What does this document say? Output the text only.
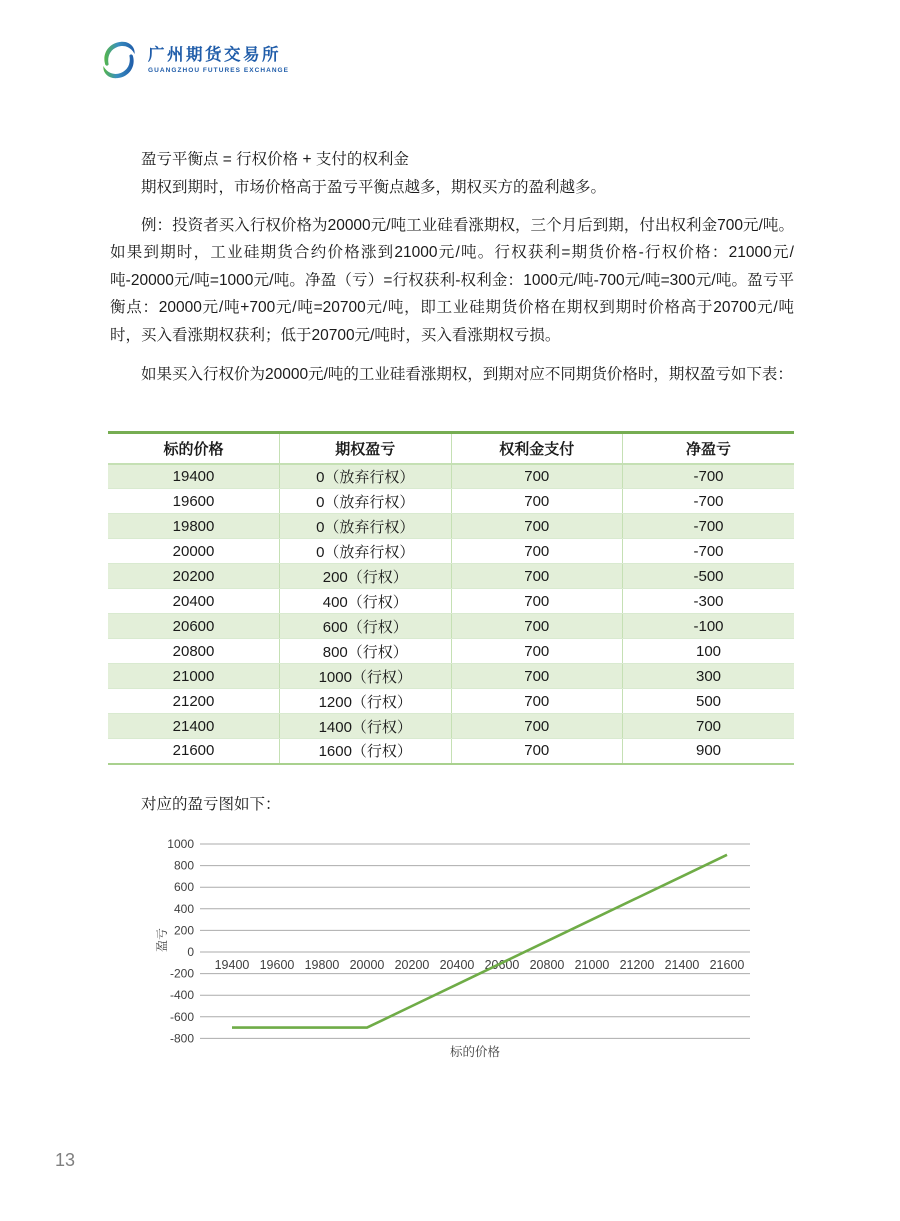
广州期货交易所
GUANGZHOU FUTURES EXCHANGE
盈亏平衡点 = 行权价格 + 支付的权利金
期权到期时，市场价格高于盈亏平衡点越多，期权买方的盈利越多。
例：投资者买入行权价格为20000元/吨工业硅看涨期权，三个月后到期，付出权利金700元/吨。如果到期时，工业硅期货合约价格涨到21000元/吨。行权获利=期货价格-行权价格：21000元/吨-20000元/吨=1000元/吨。净盈（亏）=行权获利-权利金：1000元/吨-700元/吨=300元/吨。盈亏平衡点：20000元/吨+700元/吨=20700元/吨，即工业硅期货价格在期权到期时价格高于20700元/吨时，买入看涨期权获利；低于20700元/吨时，买入看涨期权亏损。
如果买入行权价为20000元/吨的工业硅看涨期权，到期对应不同期货价格时，期权盈亏如下表：
标的价格	期权盈亏	权利金支付	净盈亏
19400	0（放弃行权）	700	-700
19600	0（放弃行权）	700	-700
19800	0（放弃行权）	700	-700
20000	0（放弃行权）	700	-700
20200	200（行权）	700	-500
20400	400（行权）	700	-300
20600	600（行权）	700	-100
20800	800（行权）	700	100
21000	1000（行权）	700	300
21200	1200（行权）	700	500
21400	1400（行权）	700	700
21600	1600（行权）	700	900
对应的盈亏图如下：
1000
800
600
400
200
0
-200
-400
-600
-800
19400 19600 19800 20000 20200 20400 20600 20800 21000 21200 21400 21600
盈亏
标的价格
13
